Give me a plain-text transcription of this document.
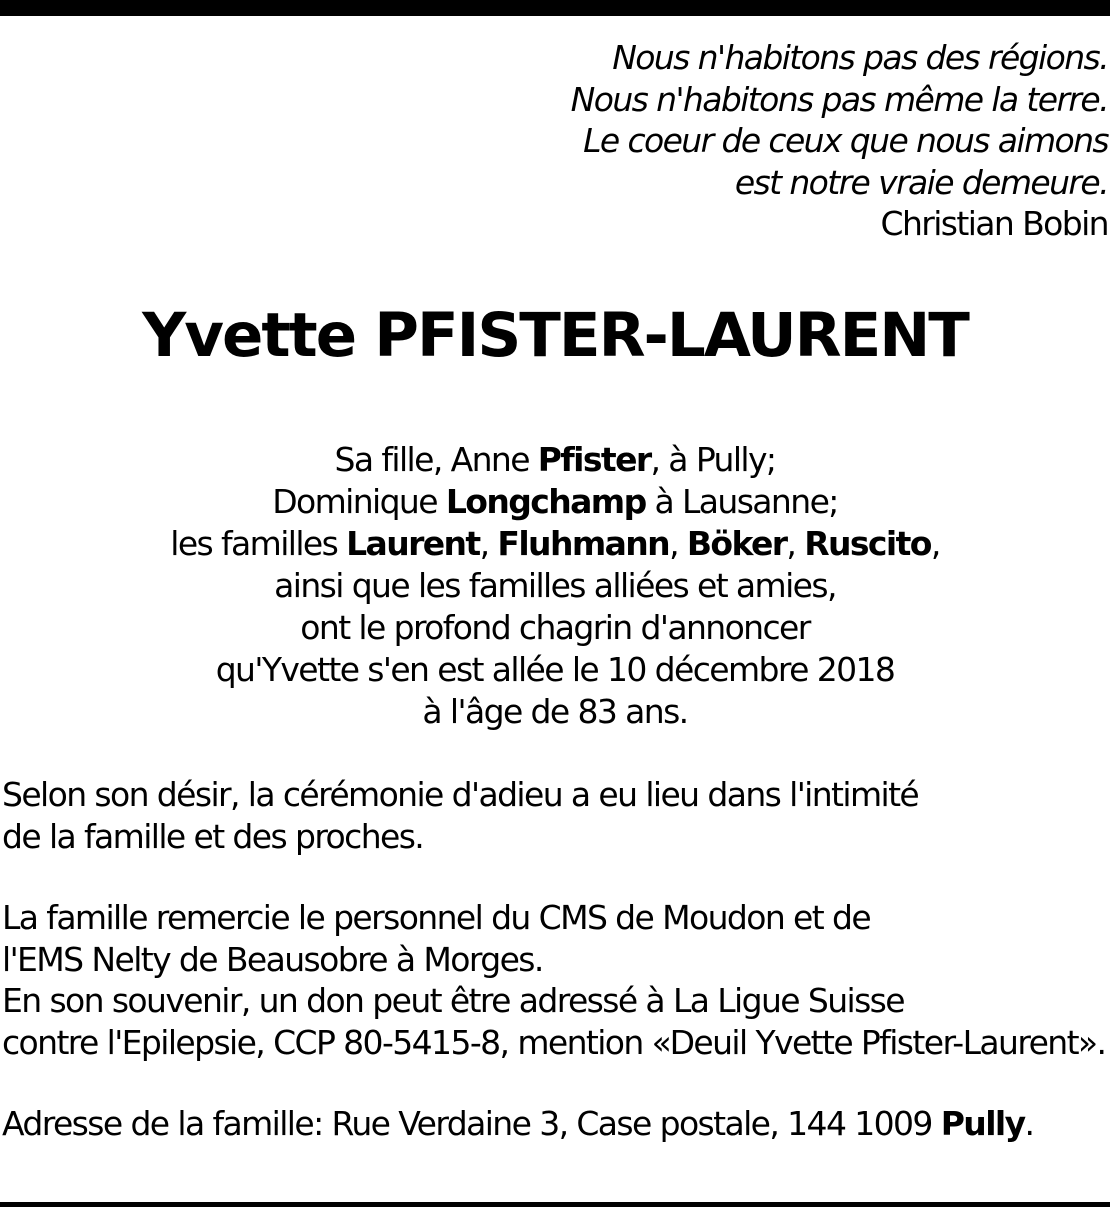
Nous n'habitons pas des régions.
Nous n'habitons pas même la terre.
Le coeur de ceux que nous aimons
est notre vraie demeure.
Christian Bobin
Yvette PFISTER-LAURENT
Sa fille, Anne Pfister, à Pully;
Dominique Longchamp à Lausanne;
les familles Laurent, Fluhmann, Böker, Ruscito,
ainsi que les familles alliées et amies,
ont le profond chagrin d'annoncer
qu'Yvette s'en est allée le 10 décembre 2018
à l'âge de 83 ans.
Selon son désir, la cérémonie d'adieu a eu lieu dans l'intimité
de la famille et des proches.
La famille remercie le personnel du CMS de Moudon et de
l'EMS Nelty de Beausobre à Morges.
En son souvenir, un don peut être adressé à La Ligue Suisse
contre l'Epilepsie, CCP 80-5415-8, mention «Deuil Yvette Pfister-Laurent».
Adresse de la famille: Rue Verdaine 3, Case postale, 144 1009 Pully.
